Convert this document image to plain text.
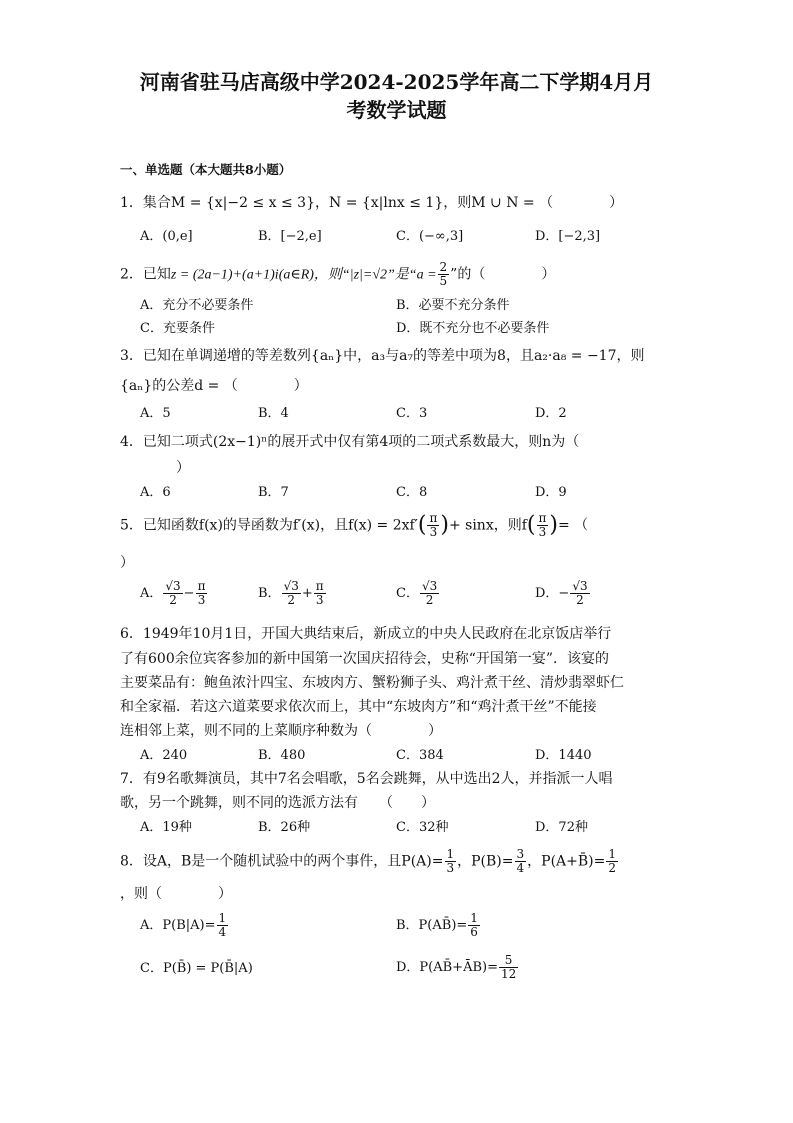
河南省驻马店高级中学2024-2025学年高二下学期4月月
考数学试题
一、单选题（本大题共8小题）
1．集合M = {x|−2 ≤ x ≤ 3}，N = {x|lnx ≤ 1}，则M ∪ N = （　　　　）
A．(0,e]	B．[−2,e]	C．(−∞,3]	D．[−2,3]
2．已知z = (2a−1)+(a+1)i(a∈R)，则“|z|=√2”是“$a = \frac{2}{5}$ ”的（　　　　）
A．充分不必要条件	B．必要不充分条件
C．充要条件	D．既不充分也不必要条件
3．已知在单调递增的等差数列{aₙ}中，a₃与a₇的等差中项为8，且a₂·a₈ = −17，则
{aₙ}的公差d = （　　　　）
A．5	B．4	C．3	D．2
4．已知二项式(2x−1)ⁿ的展开式中仅有第4项的二项式系数最大，则n为（
）
A．6	B．7	C．8	D．9
5．已知函数f(x)的导函数为f′(x)，且$f(x) = 2xf'( \frac{\pi}{3}$ )+ sinx，则$f( \frac{\pi}{3}$ )= （
）
A． $\frac{√3}{2} - \frac{\pi}{3}$	B． $\frac{√3}{2} + \frac{\pi}{3}$	C． $\frac{√3}{2}$	D．− $\frac{√3}{2}$
6．1949年10月1日，开国大典结束后，新成立的中央人民政府在北京饭店举行
了有600余位宾客参加的新中国第一次国庆招待会，史称“开国第一宴”．该宴的
主要菜品有：鲍鱼浓汁四宝、东坡肉方、蟹粉狮子头、鸡汁煮干丝、清炒翡翠虾仁
和全家福．若这六道菜要求依次而上，其中“东坡肉方”和“鸡汁煮干丝”不能接
连相邻上菜，则不同的上菜顺序种数为（　　　　）
A．240	B．480	C．384	D．1440
7．有9名歌舞演员，其中7名会唱歌，5名会跳舞，从中选出2人，并指派一人唱
歌，另一个跳舞，则不同的选派方法有　　（　　）
A．19种	B．26种	C．32种	D．72种
8．设A，B是一个随机试验中的两个事件，且$P(A)= \frac{1}{3}$ ，$P(B)= \frac{3}{4}$ ，P(A+B̄)= $\frac{1}{2}$
，则（　　　　）
A．$P(B|A)= \frac{1}{4}$	B．P(AB̄)= $\frac{1}{6}$
C．P(B̄) = P(B̄|A)	D．P(AB̄+ĀB)= $\frac{5}{12}$
